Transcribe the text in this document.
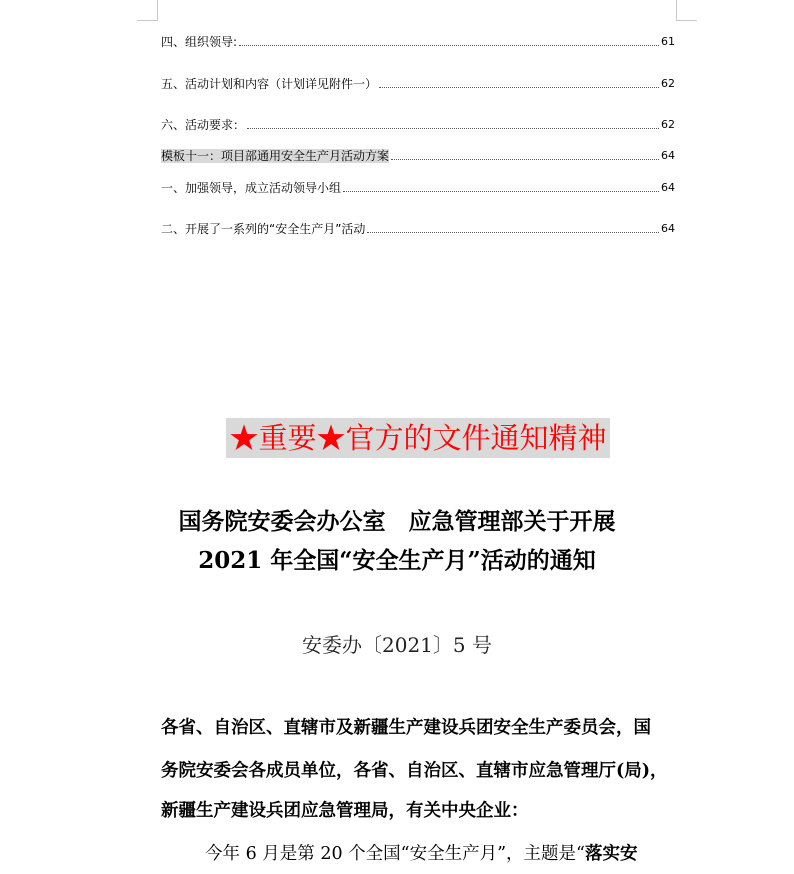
四、组织领导:	61
五、活动计划和内容（计划详见附件一）	62
六、活动要求：	62
模板十一：项目部通用安全生产月活动方案	64
一、加强领导，成立活动领导小组	64
二、开展了一系列的“安全生产月”活动	64
★重要★官方的文件通知精神
国务院安委会办公室　应急管理部关于开展
2021 年全国“安全生产月”活动的通知
安委办〔2021〕5 号
各省、自治区、直辖市及新疆生产建设兵团安全生产委员会，国
务院安委会各成员单位，各省、自治区、直辖市应急管理厅(局)，
新疆生产建设兵团应急管理局，有关中央企业：
今年 6 月是第 20 个全国“安全生产月”，主题是“落实安
